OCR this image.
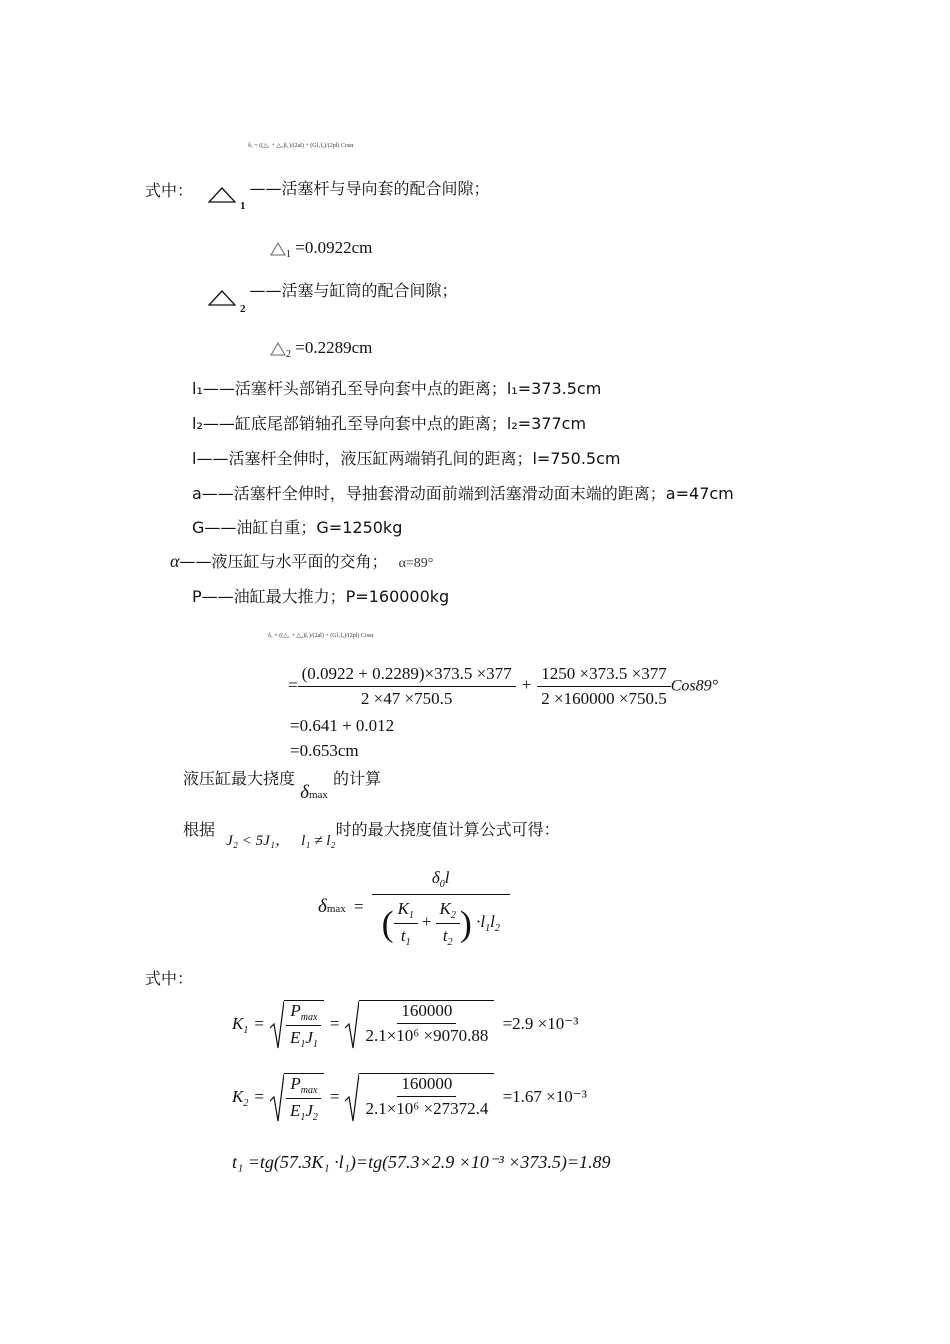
δ₁ = ((△₁ + △₂)l₁)/(2al) + (Gl₁l₂)/(2pl) Cosα
式中：
$_1$——活塞杆与导向套的配合间隙；
$_1$ =0.0922cm
$_2$——活塞与缸筒的配合间隙；
$_2$ =0.2289cm
l₁——活塞杆头部销孔至导向套中点的距离；l₁=373.5cm
l₂——缸底尾部销轴孔至导向套中点的距离；l₂=377cm
l——活塞杆全伸时，液压缸两端销孔间的距离；l=750.5cm
a——活塞杆全伸时，导抽套滑动面前端到活塞滑动面末端的距离；a=47cm
G——油缸自重；G=1250kg
α——液压缸与水平面的交角； α=89°
P——油缸最大推力；P=160000kg
δ₁ = ((△₁ + △₂)l₁)/(2al) + (Gl₁l₂)/(2pl) Cosα
= $\frac{(0.0922 + 0.2289)\times 373.5 \times 377}{2 \times 47 \times 750.5} + \frac{1250 \times 373.5 \times 377}{2 \times 160000 \times 750.5} Cos89^\circ$
=0.641 + 0.012
=0.653cm
液压缸最大挠度 δmax 的计算
根据 J₂ < 5J₁， l₁ ≠ l₂时的最大挠度值计算公式可得：
$\delta\max = \frac{\delta_0l}{( \frac{K_1}{t_1} + \frac{K_2}{t_2} ) \cdot l_1l_2}$
式中：
$K_1 = \frac{P_{max}}{E_1J_1} = \frac{160000}{\text{2.1×10⁶ ×9070.88}} =2.9 \times 10^{-3}$
$K_2 = \frac{P_{max}}{E_1J_2} = \frac{160000}{\text{2.1×10⁶ ×27372.4}} =1.67 \times 10^{-3}$
t₁ =tg(57.3K₁ ·l₁)=tg(57.3×2.9 ×10⁻³ ×373.5)=1.89
